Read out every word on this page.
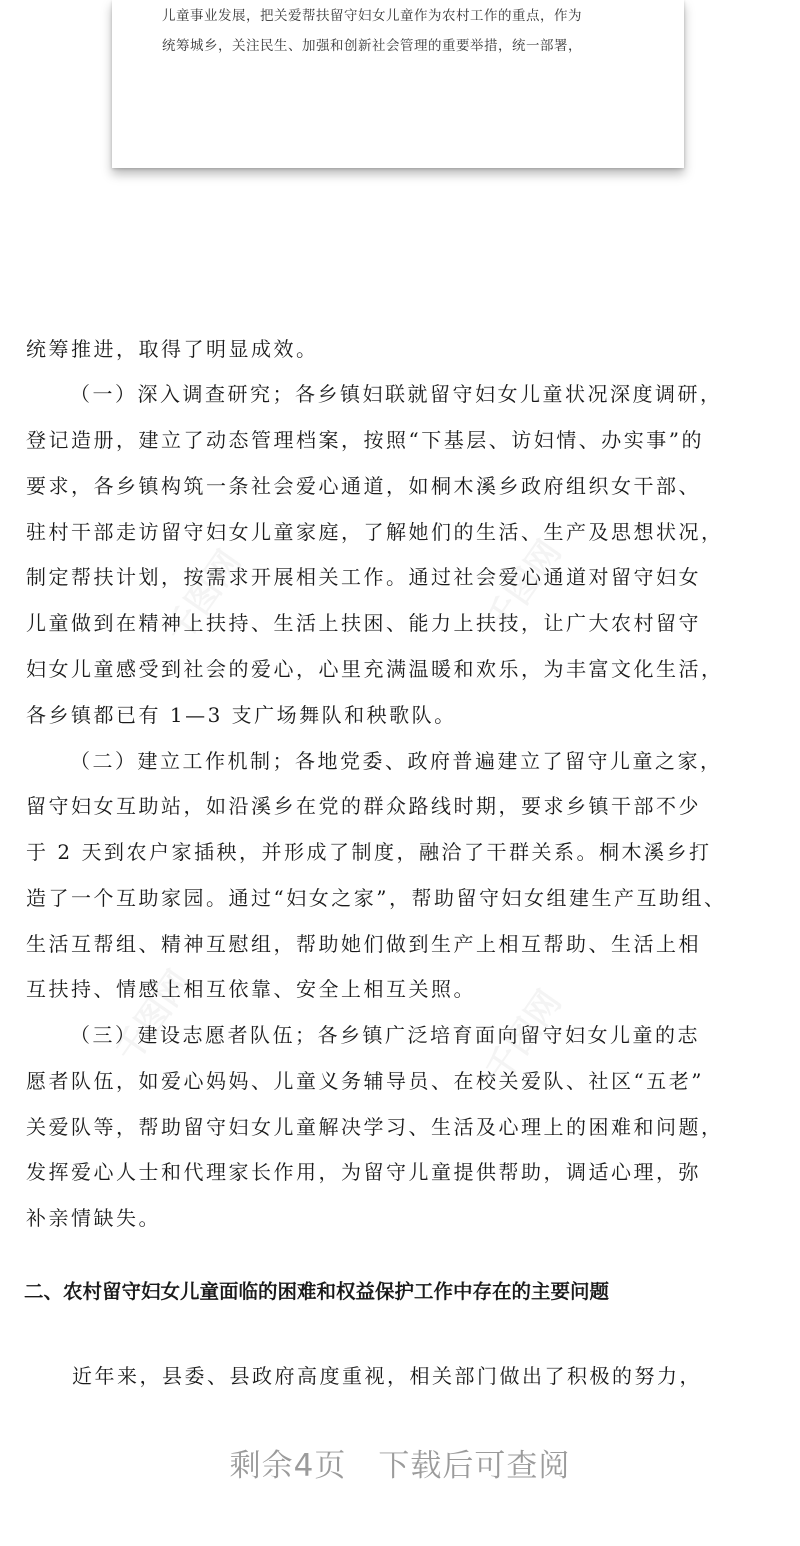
儿童事业发展，把关爱帮扶留守妇女儿童作为农村工作的重点，作为
统筹城乡，关注民生、加强和创新社会管理的重要举措，统一部署，
统筹推进，取得了明显成效。
（一）深入调查研究；各乡镇妇联就留守妇女儿童状况深度调研，
登记造册，建立了动态管理档案，按照“下基层、访妇情、办实事”的
要求，各乡镇构筑一条社会爱心通道，如桐木溪乡政府组织女干部、
驻村干部走访留守妇女儿童家庭，了解她们的生活、生产及思想状况，
制定帮扶计划，按需求开展相关工作。通过社会爱心通道对留守妇女
儿童做到在精神上扶持、生活上扶困、能力上扶技，让广大农村留守
妇女儿童感受到社会的爱心，心里充满温暖和欢乐，为丰富文化生活，
各乡镇都已有 1—3 支广场舞队和秧歌队。
（二）建立工作机制；各地党委、政府普遍建立了留守儿童之家，
留守妇女互助站，如沿溪乡在党的群众路线时期，要求乡镇干部不少
于 2 天到农户家插秧，并形成了制度，融洽了干群关系。桐木溪乡打
造了一个互助家园。通过“妇女之家”，帮助留守妇女组建生产互助组、
生活互帮组、精神互慰组，帮助她们做到生产上相互帮助、生活上相
互扶持、情感上相互依靠、安全上相互关照。
（三）建设志愿者队伍；各乡镇广泛培育面向留守妇女儿童的志
愿者队伍，如爱心妈妈、儿童义务辅导员、在校关爱队、社区“五老”
关爱队等，帮助留守妇女儿童解决学习、生活及心理上的困难和问题，
发挥爱心人士和代理家长作用，为留守儿童提供帮助，调适心理，弥
补亲情缺失。
二、农村留守妇女儿童面临的困难和权益保护工作中存在的主要问题
近年来，县委、县政府高度重视，相关部门做出了积极的努力，
剩余4页　下载后可查阅
